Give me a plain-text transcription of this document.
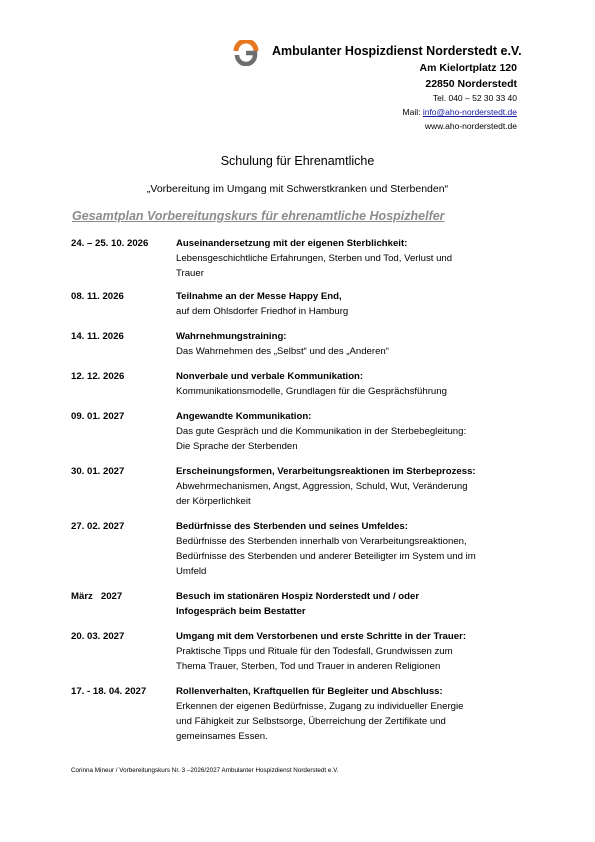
Ambulanter Hospizdienst Norderstedt e.V.
Am Kielortplatz 120
22850 Norderstedt
Tel. 040 – 52 30 33 40
Mail: info@aho-norderstedt.de
www.aho-norderstedt.de
Schulung für Ehrenamtliche
„Vorbereitung im Umgang mit Schwerstkranken und Sterbenden“
Gesamtplan Vorbereitungskurs für ehrenamtliche Hospizhelfer
24. – 25. 10. 2026	Auseinandersetzung mit der eigenen Sterblichkeit:
Lebensgeschichtliche Erfahrungen, Sterben und Tod, Verlust und
Trauer
08. 11. 2026	Teilnahme an der Messe Happy End,
auf dem Ohlsdorfer Friedhof in Hamburg
14. 11. 2026	Wahrnehmungstraining:
Das Wahrnehmen des „Selbst“ und des „Anderen“
12. 12. 2026	Nonverbale und verbale Kommunikation:
Kommunikationsmodelle, Grundlagen für die Gesprächsführung
09. 01. 2027	Angewandte Kommunikation:
Das gute Gespräch und die Kommunikation in der Sterbebegleitung:
Die Sprache der Sterbenden
30. 01. 2027	Erscheinungsformen, Verarbeitungsreaktionen im Sterbeprozess:
Abwehrmechanismen, Angst, Aggression, Schuld, Wut, Veränderung
der Körperlichkeit
27. 02. 2027	Bedürfnisse des Sterbenden und seines Umfeldes:
Bedürfnisse des Sterbenden innerhalb von Verarbeitungsreaktionen,
Bedürfnisse des Sterbenden und anderer Beteiligter im System und im
Umfeld
März   2027	Besuch im stationären Hospiz Norderstedt und / oder
Infogespräch beim Bestatter
20. 03. 2027	Umgang mit dem Verstorbenen und erste Schritte in der Trauer:
Praktische Tipps und Rituale für den Todesfall, Grundwissen zum
Thema Trauer, Sterben, Tod und Trauer in anderen Religionen
17. - 18. 04. 2027	Rollenverhalten, Kraftquellen für Begleiter und Abschluss:
Erkennen der eigenen Bedürfnisse, Zugang zu individueller Energie
und Fähigkeit zur Selbstsorge, Überreichung der Zertifikate und
gemeinsames Essen.
Corinna Mineur / Vorbereitungskurs Nr. 3 –2026/2027 Ambulanter Hospizdienst Norderstedt e.V.
